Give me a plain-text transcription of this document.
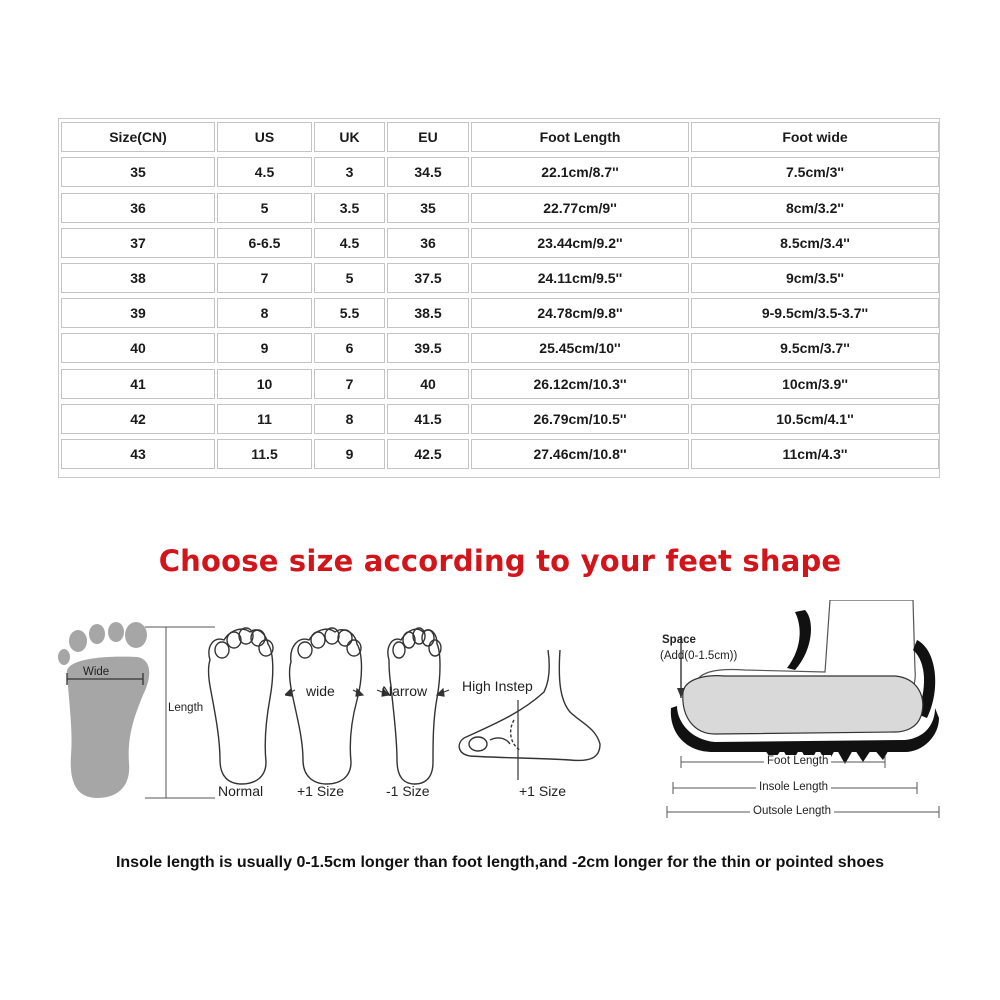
Size(CN)	US	UK	EU	Foot Length	Foot wide
35	4.5	3	34.5	22.1cm/8.7''	7.5cm/3''
36	5	3.5	35	22.77cm/9''	8cm/3.2''
37	6-6.5	4.5	36	23.44cm/9.2''	8.5cm/3.4''
38	7	5	37.5	24.11cm/9.5''	9cm/3.5''
39	8	5.5	38.5	24.78cm/9.8''	9-9.5cm/3.5-3.7''
40	9	6	39.5	25.45cm/10''	9.5cm/3.7''
41	10	7	40	26.12cm/10.3''	10cm/3.9''
42	11	8	41.5	26.79cm/10.5''	10.5cm/4.1''
43	11.5	9	42.5	27.46cm/10.8''	11cm/4.3''
Choose size according to your feet shape
Wide
Length
Normal
wide
+1 Size
Narrow
-1 Size
High Instep
+1 Size
Space
(Add(0-1.5cm))
Foot Length
Insole Length
Outsole Length
Insole length is usually 0-1.5cm longer than foot length,and -2cm longer for the thin or pointed shoes
